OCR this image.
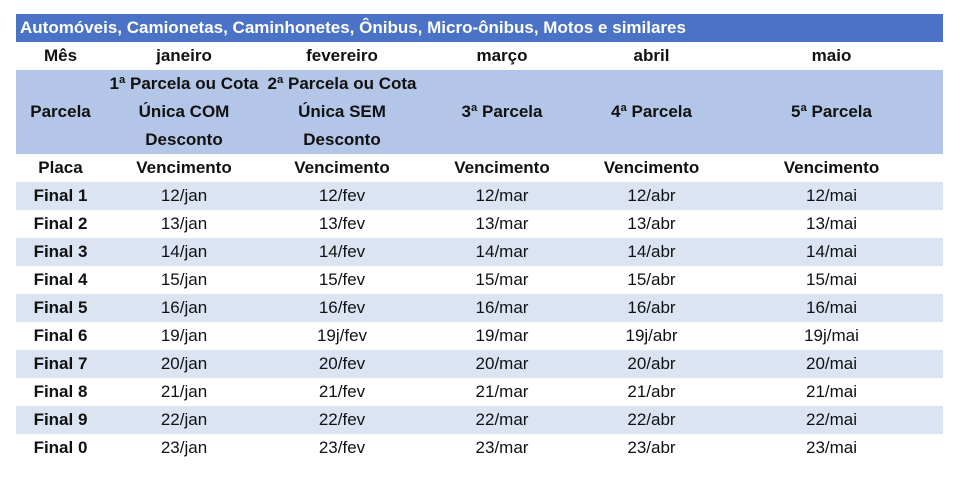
Automóveis, Camionetas, Caminhonetes, Ônibus, Micro-ônibus, Motos e similares
Mês	janeiro	fevereiro	março	abril	maio
Parcela	1ª Parcela ou Cota Única COM Desconto	2ª Parcela ou Cota Única SEM Desconto	3ª Parcela	4ª Parcela	5ª Parcela
Placa	Vencimento	Vencimento	Vencimento	Vencimento	Vencimento
Final 1	12/jan	12/fev	12/mar	12/abr	12/mai
Final 2	13/jan	13/fev	13/mar	13/abr	13/mai
Final 3	14/jan	14/fev	14/mar	14/abr	14/mai
Final 4	15/jan	15/fev	15/mar	15/abr	15/mai
Final 5	16/jan	16/fev	16/mar	16/abr	16/mai
Final 6	19/jan	19j/fev	19/mar	19j/abr	19j/mai
Final 7	20/jan	20/fev	20/mar	20/abr	20/mai
Final 8	21/jan	21/fev	21/mar	21/abr	21/mai
Final 9	22/jan	22/fev	22/mar	22/abr	22/mai
Final 0	23/jan	23/fev	23/mar	23/abr	23/mai
